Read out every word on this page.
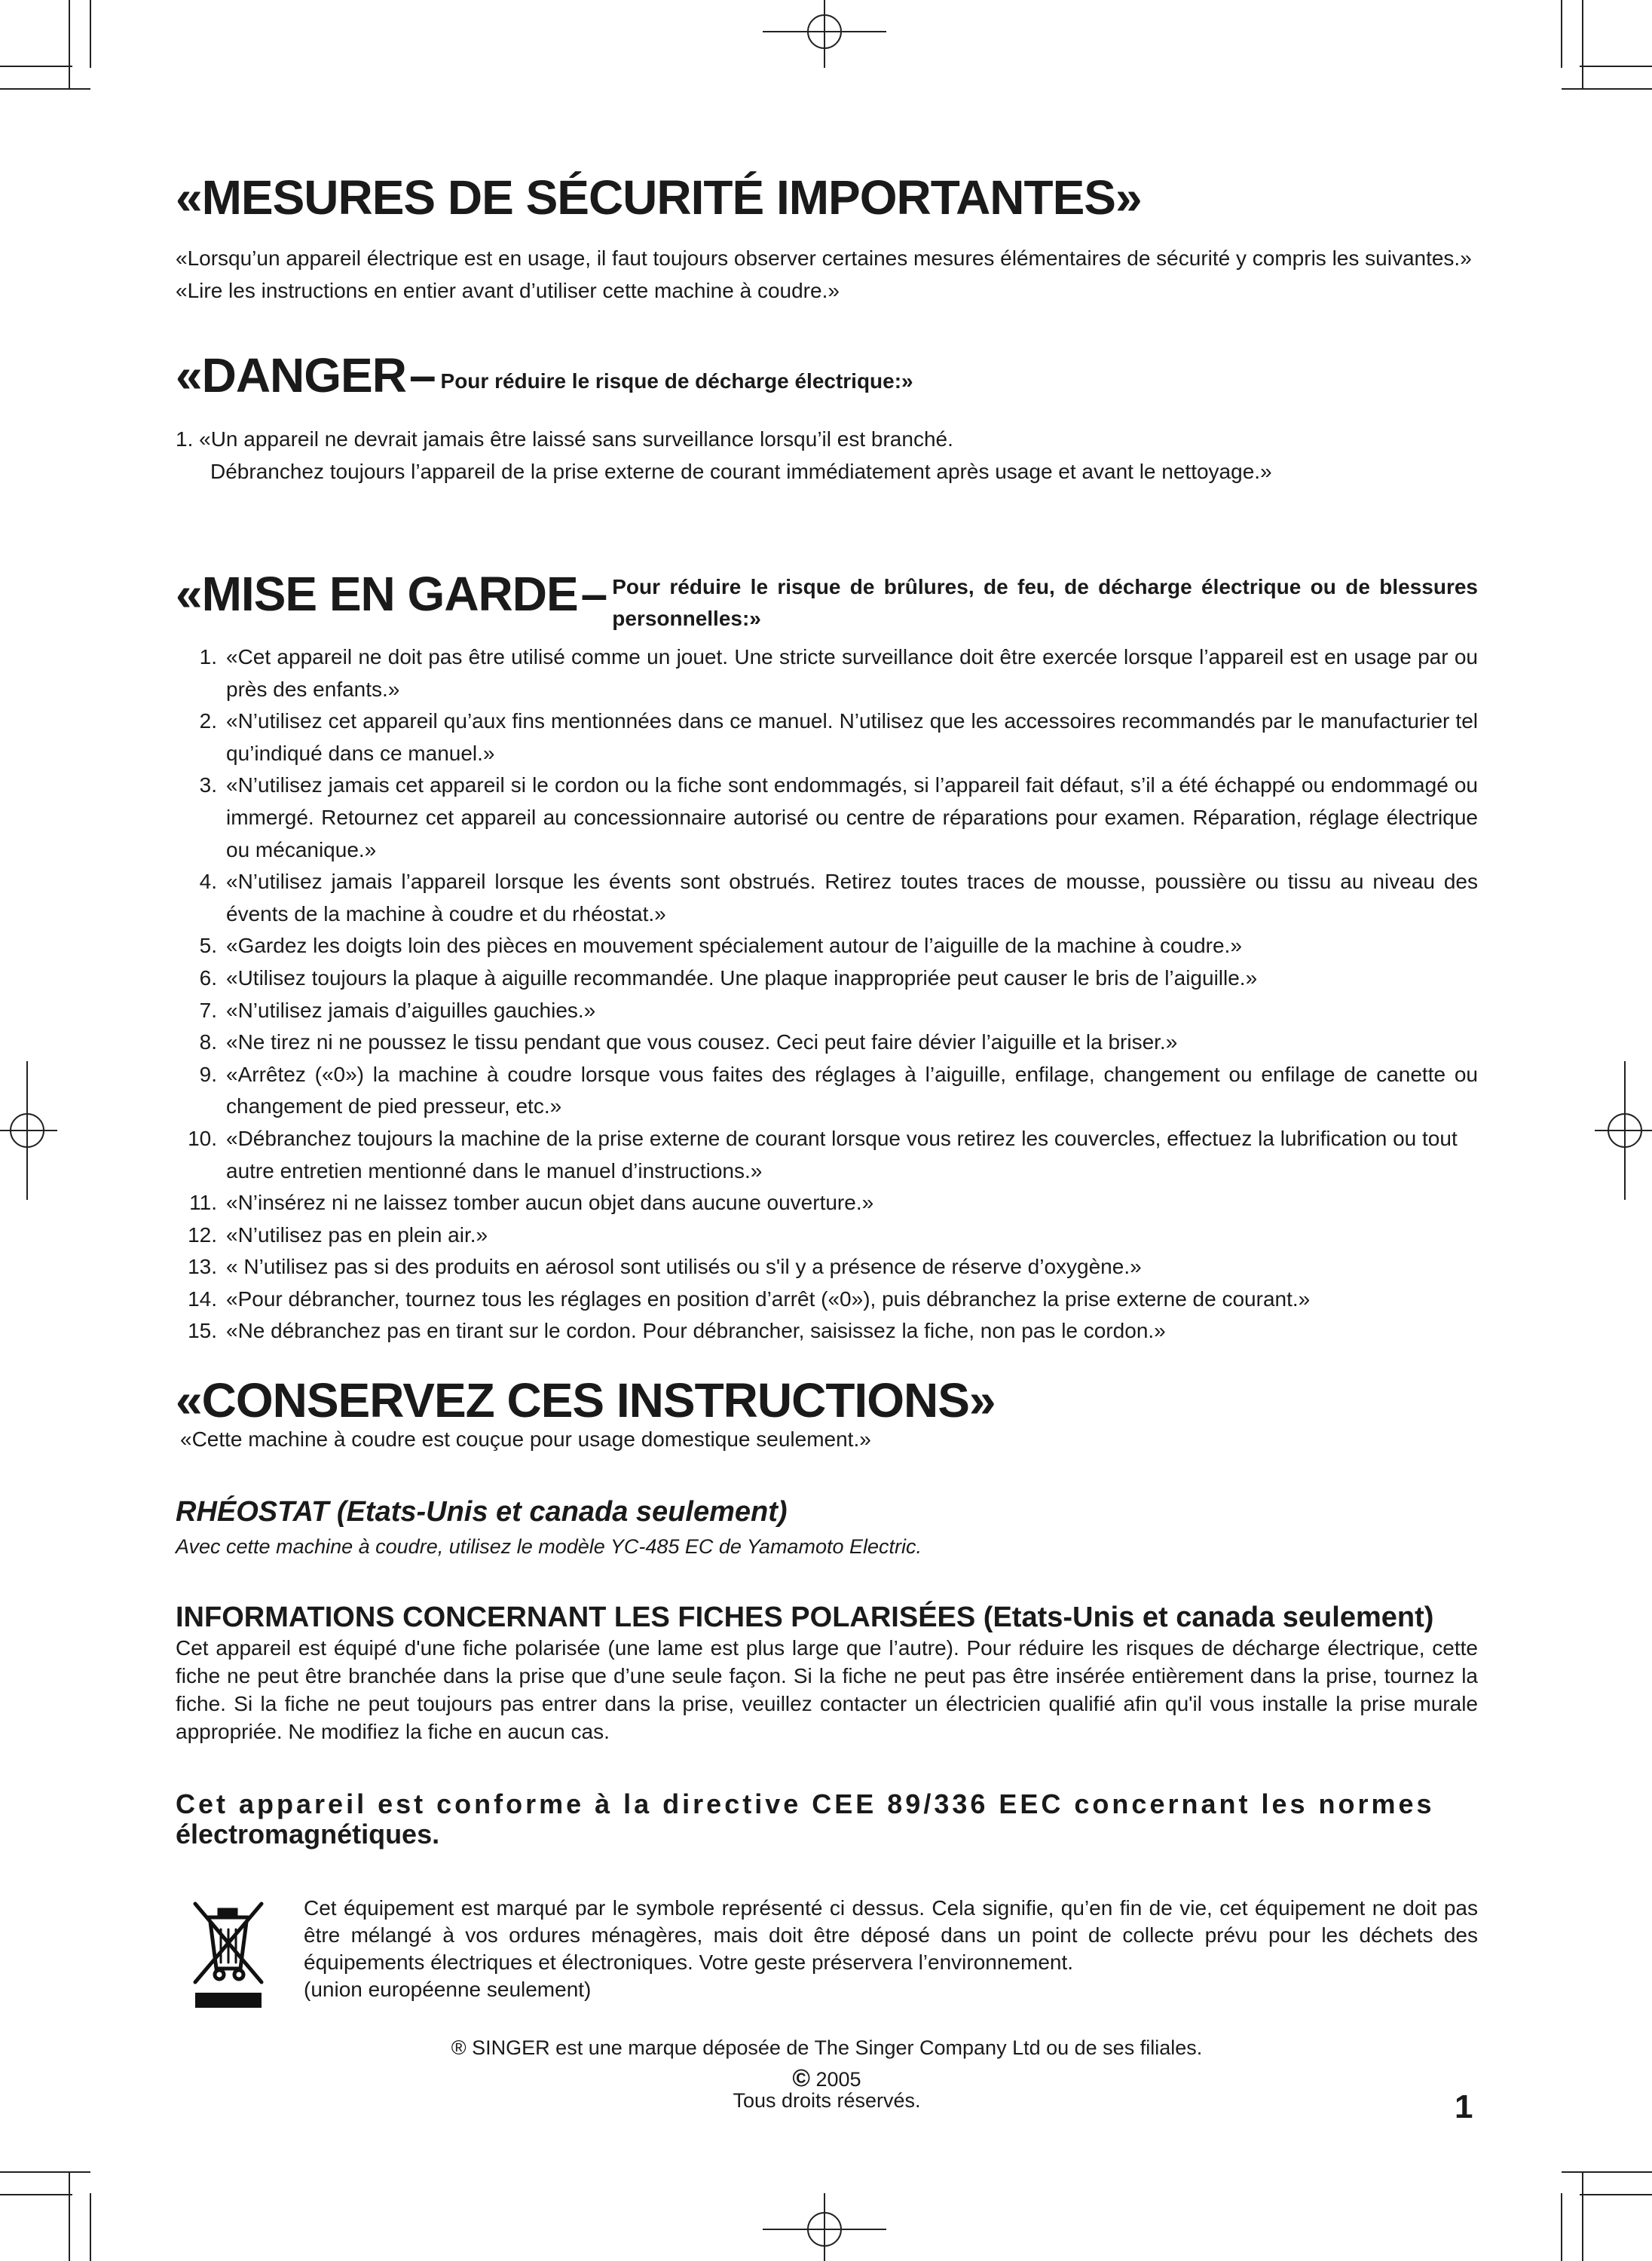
«MESURES DE SÉCURITÉ IMPORTANTES»

«Lorsqu’un appareil électrique est en usage, il faut toujours observer certaines mesures élémentaires de sécurité y compris les suivantes.»

«Lire les instructions en entier avant d’utiliser cette machine à coudre.»

«DANGER – Pour réduire le risque de décharge électrique:»
1. «Un appareil ne devrait jamais être laissé sans surveillance lorsqu’il est branché.
Débranchez toujours l’appareil de la prise externe de courant immédiatement après usage et avant le nettoyage.»
«MISE EN GARDE – Pour réduire le risque de brûlures, de feu, de décharge électrique ou de blessures personnelles:»
1. «Cet appareil ne doit pas être utilisé comme un jouet. Une stricte surveillance doit être exercée lorsque l’appareil est en usage par ou près des enfants.»
2. «N’utilisez cet appareil qu’aux fins mentionnées dans ce manuel. N’utilisez que les accessoires recommandés par le manufacturier tel qu’indiqué dans ce manuel.»
3. «N’utilisez jamais cet appareil si le cordon ou la fiche sont endommagés, si l’appareil fait défaut, s’il a été échappé ou endommagé ou immergé. Retournez cet appareil au concessionnaire autorisé ou centre de réparations pour examen. Réparation, réglage électrique ou mécanique.»
4. «N’utilisez jamais l’appareil lorsque les évents sont obstrués. Retirez toutes traces de mousse, poussière ou tissu au niveau des évents de la machine à coudre et du rhéostat.»
5. «Gardez les doigts loin des pièces en mouvement spécialement autour de l’aiguille de la machine à coudre.»
6. «Utilisez toujours la plaque à aiguille recommandée. Une plaque inappropriée peut causer le bris de l’aiguille.»
7. «N’utilisez jamais d’aiguilles gauchies.»
8. «Ne tirez ni ne poussez le tissu pendant que vous cousez. Ceci peut faire dévier l’aiguille et la briser.»
9. «Arrêtez («0») la machine à coudre lorsque vous faites des réglages à l’aiguille, enfilage, changement ou enfilage de canette ou changement de pied presseur, etc.»
10. «Débranchez toujours la machine de la prise externe de courant lorsque vous retirez les couvercles, effectuez la lubrification ou tout autre entretien mentionné dans le manuel d’instructions.»
11. «N’insérez ni ne laissez tomber aucun objet dans aucune ouverture.»
12. «N’utilisez pas en plein air.»
13. « N’utilisez pas si des produits en aérosol sont utilisés ou s'il y a présence de réserve d’oxygène.»
14. «Pour débrancher, tournez tous les réglages en position d’arrêt («0»), puis débranchez la prise externe de courant.»
15. «Ne débranchez pas en tirant sur le cordon. Pour débrancher, saisissez la fiche, non pas le cordon.»
«CONSERVEZ CES INSTRUCTIONS»

«Cette machine à coudre est couçue pour usage domestique seulement.»

RHÉOSTAT (Etats-Unis et canada seulement)

Avec cette machine à coudre, utilisez le modèle YC-485 EC de Yamamoto Electric.

INFORMATIONS CONCERNANT LES FICHES POLARISÉES (Etats-Unis et canada seulement)

Cet appareil est équipé d'une fiche polarisée (une lame est plus large que l’autre). Pour réduire les risques de décharge électrique, cette fiche ne peut être branchée dans la prise que d’une seule façon. Si la fiche ne peut pas être insérée entièrement dans la prise, tournez la fiche. Si la fiche ne peut toujours pas entrer dans la prise, veuillez contacter un électricien qualifié afin qu'il vous installe la prise murale appropriée. Ne modifiez la fiche en aucun cas.

Cet appareil est conforme à la directive CEE 89/336 EEC concernant les normes

électromagnétiques.

Cet équipement est marqué par le symbole représenté ci dessus. Cela signifie, qu’en fin de vie, cet équipement ne doit pas être mélangé à vos ordures ménagères, mais doit être déposé dans un point de collecte prévu pour les déchets des équipements électriques et électroniques. Votre geste préservera l’environnement.
(union européenne seulement)
® SINGER est une marque déposée de The Singer Company Ltd ou de ses filiales.
© 2005
Tous droits réservés.	1
